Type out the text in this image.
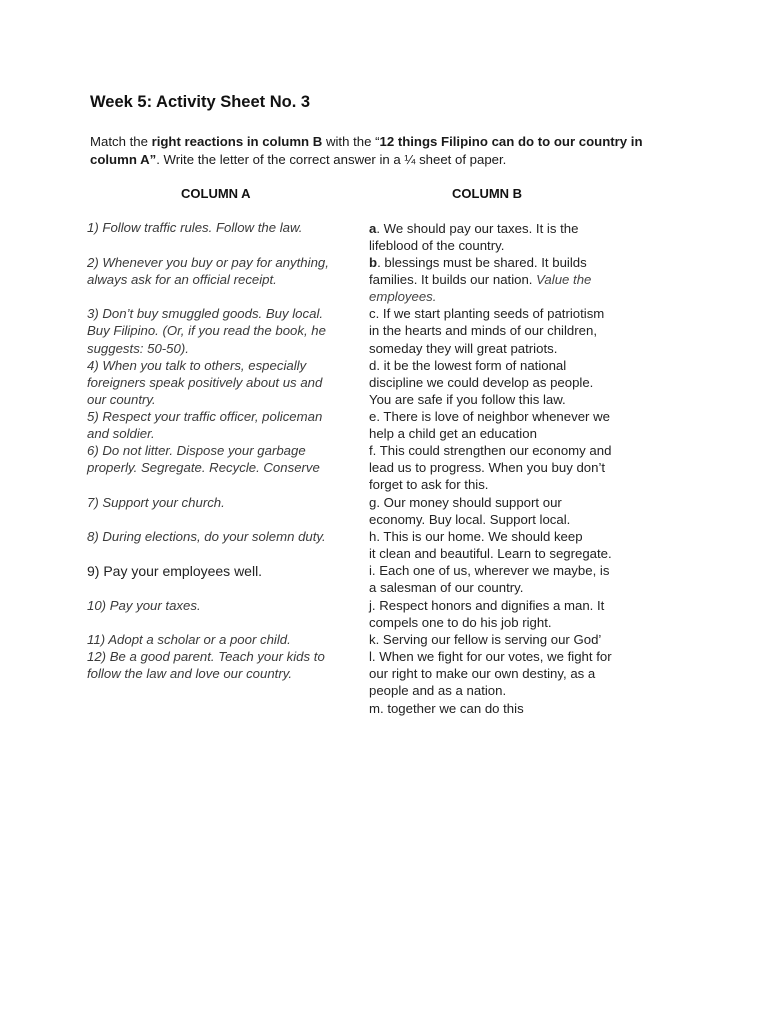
Week 5: Activity Sheet No. 3
Match the right reactions in column B with the “12 things Filipino can do to our country in column A”. Write the letter of the correct answer in a ¼ sheet of paper.
COLUMN A	COLUMN B
1) Follow traffic rules. Follow the law.
2) Whenever you buy or pay for anything,
always ask for an official receipt.
3) Don’t buy smuggled goods. Buy local.
Buy Filipino. (Or, if you read the book, he
suggests: 50-50).
4) When you talk to others, especially
foreigners speak positively about us and
our country.
5) Respect your traffic officer, policeman
and soldier.
6) Do not litter. Dispose your garbage
properly. Segregate. Recycle. Conserve
7) Support your church.
8) During elections, do your solemn duty.
9) Pay your employees well.
10) Pay your taxes.
11) Adopt a scholar or a poor child.
12) Be a good parent. Teach your kids to
follow the law and love our country.
a. We should pay our taxes. It is the
lifeblood of the country.
b. blessings must be shared. It builds
families. It builds our nation. Value the
employees.
c. If we start planting seeds of patriotism
in the hearts and minds of our children,
someday they will great patriots.
d. it be the lowest form of national
discipline we could develop as people.
You are safe if you follow this law.
e. There is love of neighbor whenever we
help a child get an education
f. This could strengthen our economy and
lead us to progress. When you buy don’t
forget to ask for this.
g. Our money should support our
economy. Buy local. Support local.
h. This is our home. We should keep
it clean and beautiful. Learn to segregate.
i. Each one of us, wherever we maybe, is
a salesman of our country.
j. Respect honors and dignifies a man. It
compels one to do his job right.
k. Serving our fellow is serving our God’
l. When we fight for our votes, we fight for
our right to make our own destiny, as a
people and as a nation.
m. together we can do this
